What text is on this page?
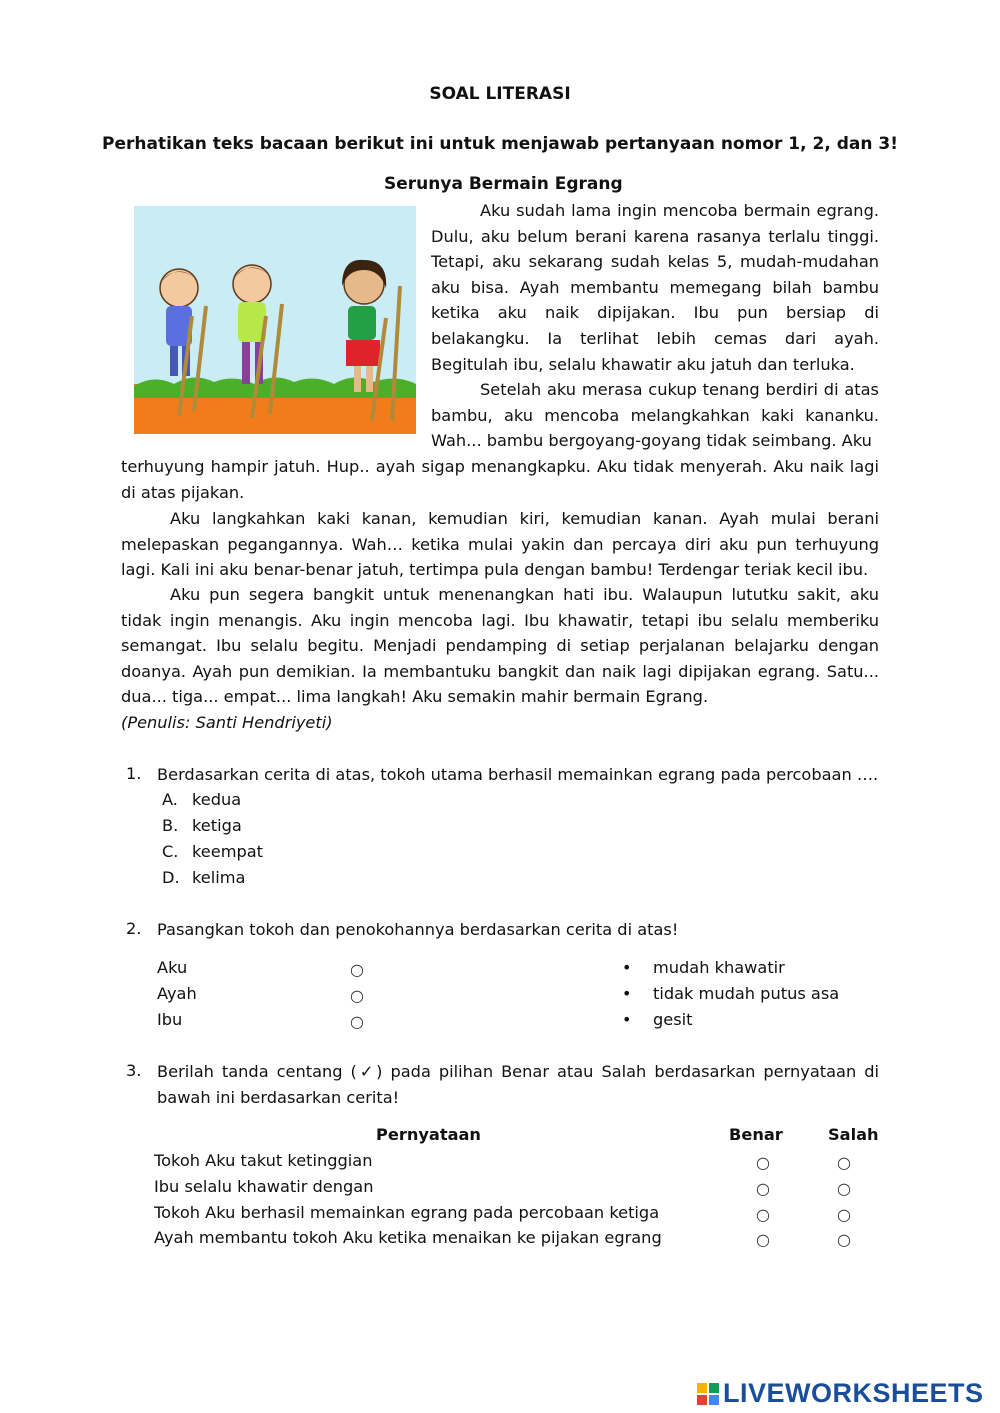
SOAL LITERASI
Perhatikan teks bacaan berikut ini untuk menjawab pertanyaan nomor 1, 2, dan 3!
Serunya Bermain Egrang
Aku sudah lama ingin mencoba bermain egrang. Dulu, aku belum berani karena rasanya terlalu tinggi. Tetapi, aku sekarang sudah kelas 5, mudah-mudahan aku bisa. Ayah membantu memegang bilah bambu ketika aku naik dipijakan. Ibu pun bersiap di belakangku. Ia terlihat lebih cemas dari ayah. Begitulah ibu, selalu khawatir aku jatuh dan terluka.
Setelah aku merasa cukup tenang berdiri di atas bambu, aku mencoba melangkahkan kaki kananku. Wah... bambu bergoyang-goyang tidak seimbang. Aku
terhuyung hampir jatuh. Hup.. ayah sigap menangkapku. Aku tidak menyerah. Aku naik lagi di atas pijakan.
Aku langkahkan kaki kanan, kemudian kiri, kemudian kanan. Ayah mulai berani melepaskan pegangannya. Wah… ketika mulai yakin dan percaya diri aku pun terhuyung lagi. Kali ini aku benar-benar jatuh, tertimpa pula dengan bambu! Terdengar teriak kecil ibu.
Aku pun segera bangkit untuk menenangkan hati ibu. Walaupun lututku sakit, aku tidak ingin menangis. Aku ingin mencoba lagi. Ibu khawatir, tetapi ibu selalu memberiku semangat. Ibu selalu begitu. Menjadi pendamping di setiap perjalanan belajarku dengan doanya. Ayah pun demikian. Ia membantuku bangkit dan naik lagi dipijakan egrang. Satu... dua... tiga... empat... lima langkah! Aku semakin mahir bermain Egrang.
(Penulis: Santi Hendriyeti)
1. Berdasarkan cerita di atas, tokoh utama berhasil memainkan egrang pada percobaan ….
A. kedua
B. ketiga
C. keempat
D. kelima
2. Pasangkan tokoh dan penokohannya berdasarkan cerita di atas!
Aku	○	• mudah khawatir
Ayah	○	• tidak mudah putus asa
Ibu	○	• gesit
3. Berilah tanda centang (✓) pada pilihan Benar atau Salah berdasarkan pernyataan di bawah ini berdasarkan cerita!
Pernyataan	Benar	Salah
Tokoh Aku takut ketinggian	○	○
Ibu selalu khawatir dengan	○	○
Tokoh Aku berhasil memainkan egrang pada percobaan ketiga	○	○
Ayah membantu tokoh Aku ketika menaikan ke pijakan egrang	○	○
LIVEWORKSHEETS
